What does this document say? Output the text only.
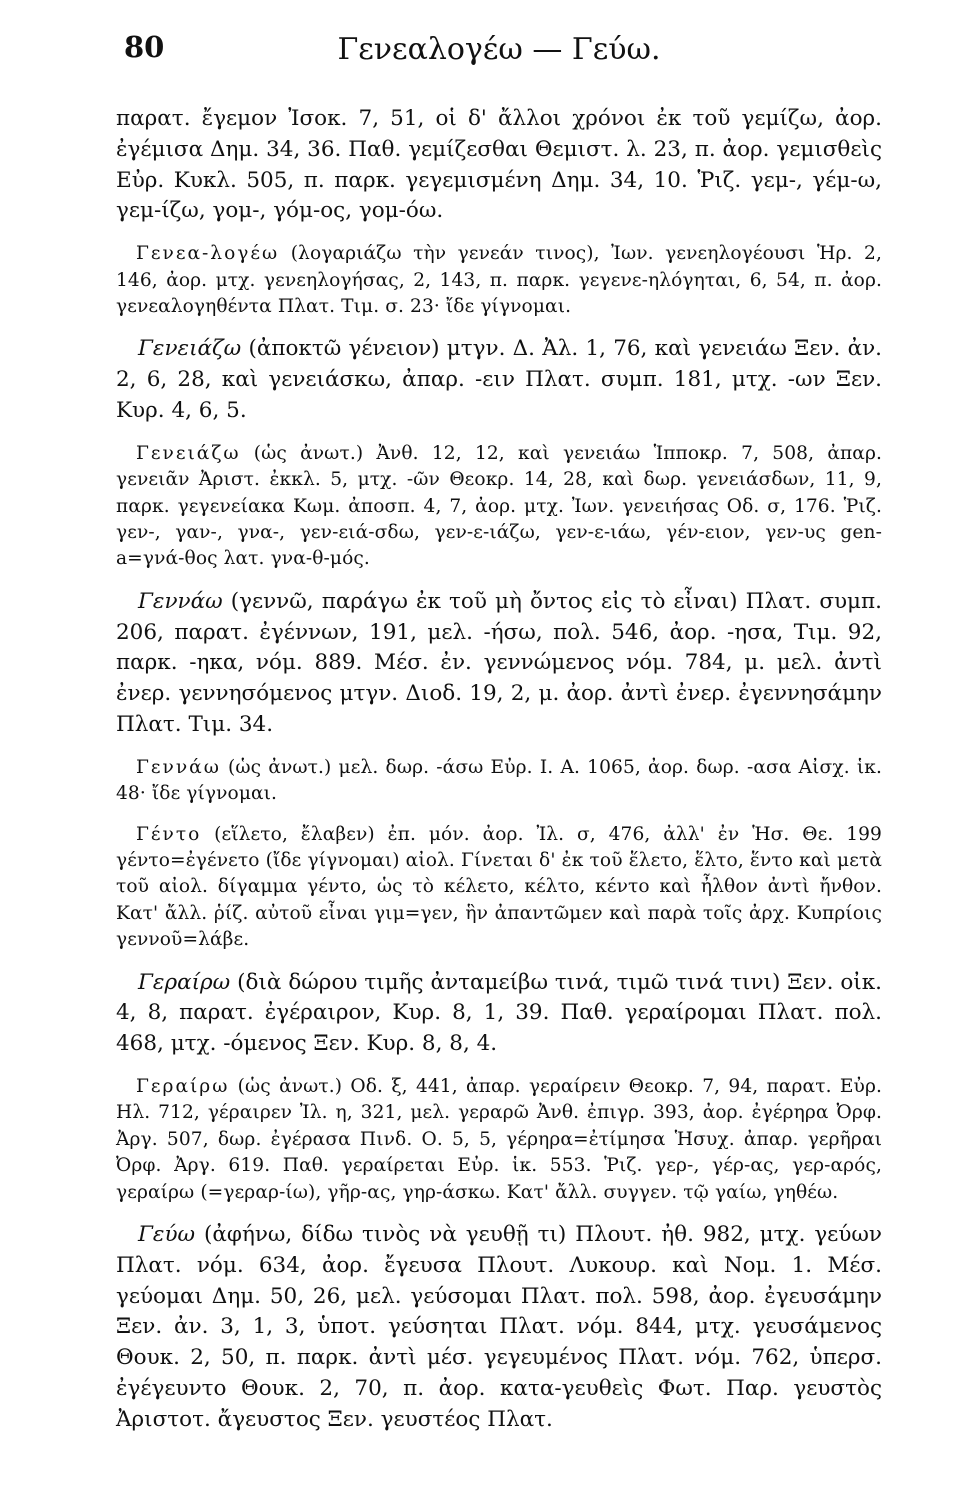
80	Γενεαλογέω — Γεύω.

παρατ. ἔγεμον Ἰσοκ. 7, 51, οἱ δ' ἄλλοι χρόνοι ἐκ τοῦ γεμίζω, ἀορ. ἐγέμισα Δημ. 34, 36. Παθ. γεμίζεσθαι Θεμιστ. λ. 23, π. ἀορ. γεμισθεὶς Εὐρ. Κυκλ. 505, π. παρκ. γεγεμισμένη Δημ. 34, 10. Ῥιζ. γεμ-, γέμ-ω, γεμ-ίζω, γομ-, γόμ-ος, γομ-όω.

Γενεα-λογέω (λογαριάζω τὴν γενεάν τινος), Ἰων. γενεηλογέουσι Ἡρ. 2, 146, ἀορ. μτχ. γενεηλογήσας, 2, 143, π. παρκ. γεγενε-ηλόγηται, 6, 54, π. ἀορ. γενεαλογηθέντα Πλατ. Τιμ. σ. 23· ἴδε γίγνομαι.

Γενειάζω (ἀποκτῶ γένειον) μτγν. Δ. Ἀλ. 1, 76, καὶ γενειάω Ξεν. ἀν. 2, 6, 28, καὶ γενειάσκω, ἀπαρ. -ειν Πλατ. συμπ. 181, μτχ. -ων Ξεν. Κυρ. 4, 6, 5.

Γενειάζω (ὡς ἀνωτ.) Ἀνθ. 12, 12, καὶ γενειάω Ἱπποκρ. 7, 508, ἀπαρ. γενειᾶν Ἀριστ. ἐκκλ. 5, μτχ. -ῶν Θεοκρ. 14, 28, καὶ δωρ. γενειάσδων, 11, 9, παρκ. γεγενείακα Κωμ. ἀποσπ. 4, 7, ἀορ. μτχ. Ἰων. γενειήσας Οδ. σ, 176. Ῥιζ. γεν-, γαν-, γνα-, γεν-ειά-σδω, γεν-ε-ιάζω, γεν-ε-ιάω, γέν-ειον, γεν-υς gen-a=γνά-θος λατ. γνα-θ-μός.

Γεννάω (γεννῶ, παράγω ἐκ τοῦ μὴ ὄντος εἰς τὸ εἶναι) Πλατ. συμπ. 206, παρατ. ἐγέννων, 191, μελ. -ήσω, πολ. 546, ἀορ. -ησα, Τιμ. 92, παρκ. -ηκα, νόμ. 889. Μέσ. ἐν. γεννώμενος νόμ. 784, μ. μελ. ἀντὶ ἐνερ. γεννησόμενος μτγν. Διοδ. 19, 2, μ. ἀορ. ἀντὶ ἐνερ. ἐγεννησάμην Πλατ. Τιμ. 34.

Γεννάω (ὡς ἀνωτ.) μελ. δωρ. -άσω Εὐρ. Ι. Α. 1065, ἀορ. δωρ. -ασα Αἰσχ. ἱκ. 48· ἴδε γίγνομαι.

Γέντο (εἵλετο, ἔλαβεν) ἐπ. μόν. ἀορ. Ἰλ. σ, 476, ἀλλ' ἐν Ἡσ. Θε. 199 γέντο=ἐγένετο (ἴδε γίγνομαι) αἰολ. Γίνεται δ' ἐκ τοῦ ἕλετο, ἕλτο, ἕντο καὶ μετὰ τοῦ αἰολ. δίγαμμα γέντο, ὡς τὸ κέλετο, κέλτο, κέντο καὶ ἦλθον ἀντὶ ἤνθον. Κατ' ἄλλ. ῥίζ. αὐτοῦ εἶναι γιμ=γεν, ἣν ἀπαντῶμεν καὶ παρὰ τοῖς ἀρχ. Κυπρίοις γεννοῦ=λάβε.

Γεραίρω (διὰ δώρου τιμῆς ἀνταμείβω τινά, τιμῶ τινά τινι) Ξεν. οἰκ. 4, 8, παρατ. ἐγέραιρον, Κυρ. 8, 1, 39. Παθ. γεραίρομαι Πλατ. πολ. 468, μτχ. -όμενος Ξεν. Κυρ. 8, 8, 4.

Γεραίρω (ὡς ἀνωτ.) Οδ. ξ, 441, ἀπαρ. γεραίρειν Θεοκρ. 7, 94, παρατ. Εὐρ. Ηλ. 712, γέραιρεν Ἰλ. η, 321, μελ. γεραρῶ Ἀνθ. ἐπιγρ. 393, ἀορ. ἐγέρηρα Ὀρφ. Ἀργ. 507, δωρ. ἐγέρασα Πινδ. Ο. 5, 5, γέρηρα=ἐτίμησα Ἡσυχ. ἀπαρ. γερῆραι Ὀρφ. Ἀργ. 619. Παθ. γεραίρεται Εὐρ. ἱκ. 553. Ῥιζ. γερ-, γέρ-ας, γερ-αρός, γεραίρω (=γεραρ-ίω), γῆρ-ας, γηρ-άσκω. Κατ' ἄλλ. συγγεν. τῷ γαίω, γηθέω.

Γεύω (ἀφήνω, δίδω τινὸς νὰ γευθῇ τι) Πλουτ. ἠθ. 982, μτχ. γεύων Πλατ. νόμ. 634, ἀορ. ἔγευσα Πλουτ. Λυκουρ. καὶ Νομ. 1. Μέσ. γεύομαι Δημ. 50, 26, μελ. γεύσομαι Πλατ. πολ. 598, ἀορ. ἐγευσάμην Ξεν. ἀν. 3, 1, 3, ὑποτ. γεύσηται Πλατ. νόμ. 844, μτχ. γευσάμενος Θουκ. 2, 50, π. παρκ. ἀντὶ μέσ. γεγευμένος Πλατ. νόμ. 762, ὑπερσ. ἐγέγευντο Θουκ. 2, 70, π. ἀορ. κατα-γευθεὶς Φωτ. Παρ. γευστὸς Ἀριστοτ. ἄγευστος Ξεν. γευστέος Πλατ.
